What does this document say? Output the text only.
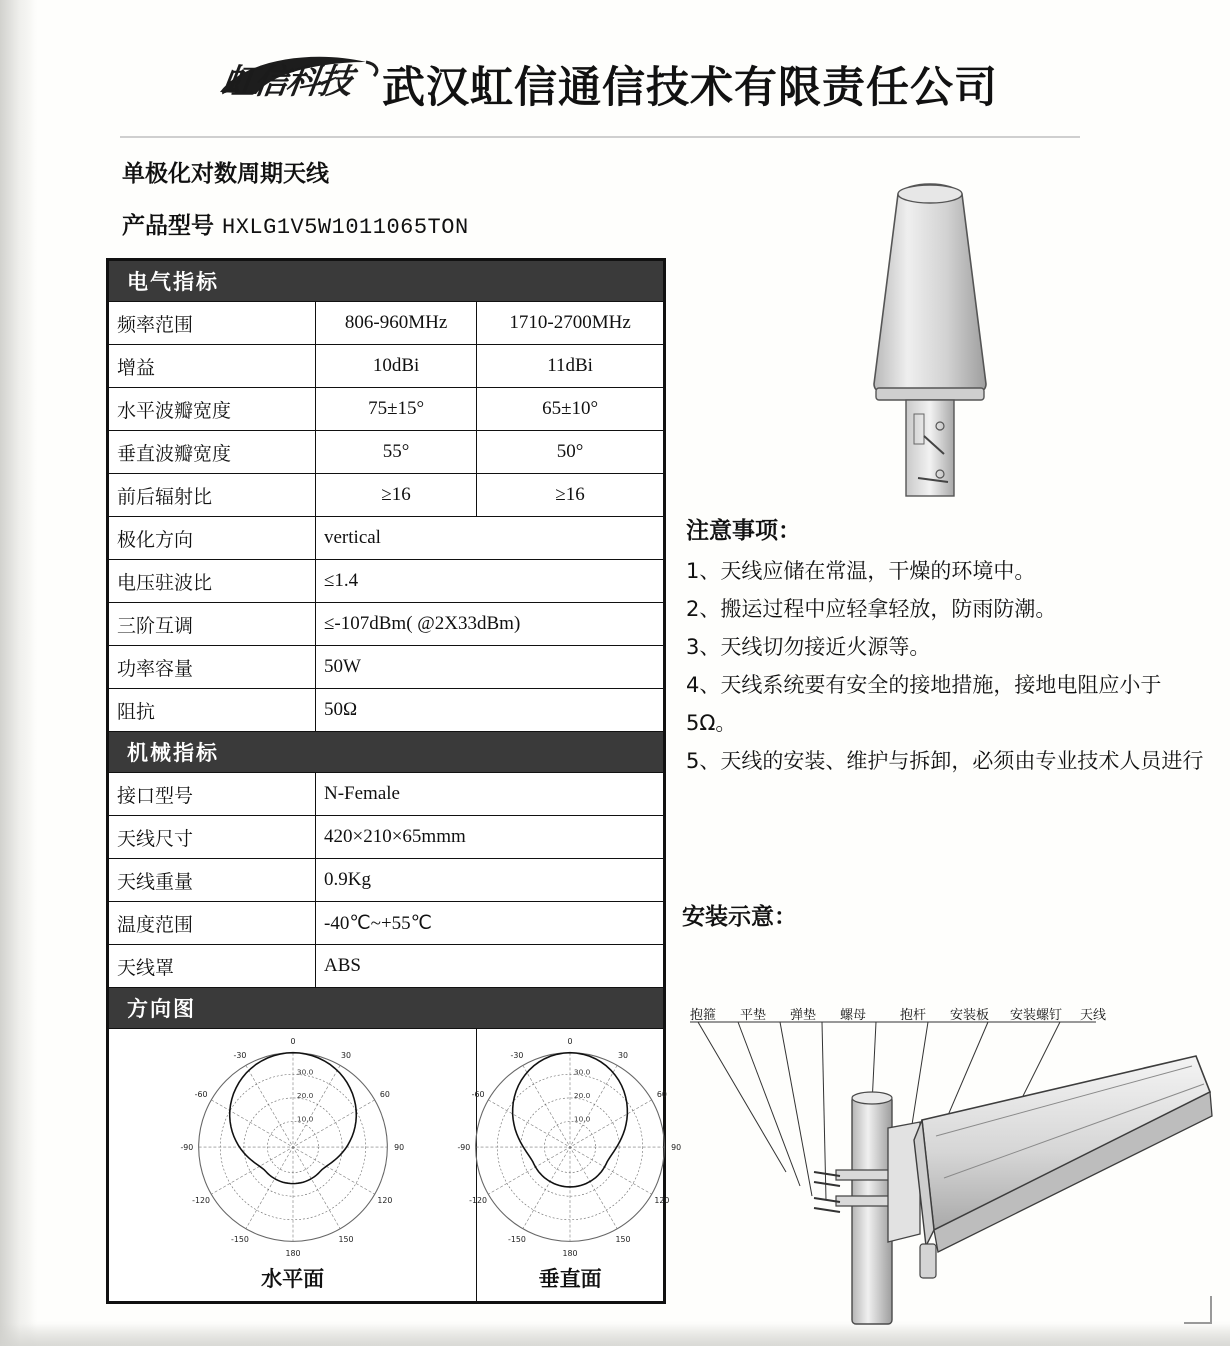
虹信科技 武汉虹信通信技术有限责任公司
单极化对数周期天线
产品型号 HXLG1V5W1011065TON
电气指标		
频率范围	806-960MHz	1710-2700MHz
增益	10dBi	11dBi
水平波瓣宽度	75±15°	65±10°
垂直波瓣宽度	55°	50°
前后辐射比	≥16	≥16
极化方向	vertical	
电压驻波比	≤1.4	
三阶互调	≤-107dBm( @2X33dBm)	
功率容量	50W	
阻抗	50Ω	
机械指标		
接口型号	N-Female	
天线尺寸	420×210×65mmm	
天线重量	0.9Kg	
温度范围	-40℃~+55℃	
天线罩	ABS	
方向图		

0
30
60
90
120
150
180
-150
-120
-90
-60
-30
10.0
20.0
30.0
水平面

0
30
60
90
120
150
180
-150
-120
-90
-60
-30
10.0
20.0
30.0
垂直面
注意事项：
1、天线应储在常温，干燥的环境中。
2、搬运过程中应轻拿轻放，防雨防潮。
3、天线切勿接近火源等。
4、天线系统要有安全的接地措施，接地电阻应小于5Ω。
5、天线的安装、维护与拆卸，必须由专业技术人员进行
安装示意：
抱箍 平垫 弹垫 螺母	抱杆 安装板 安装螺钉 天线
